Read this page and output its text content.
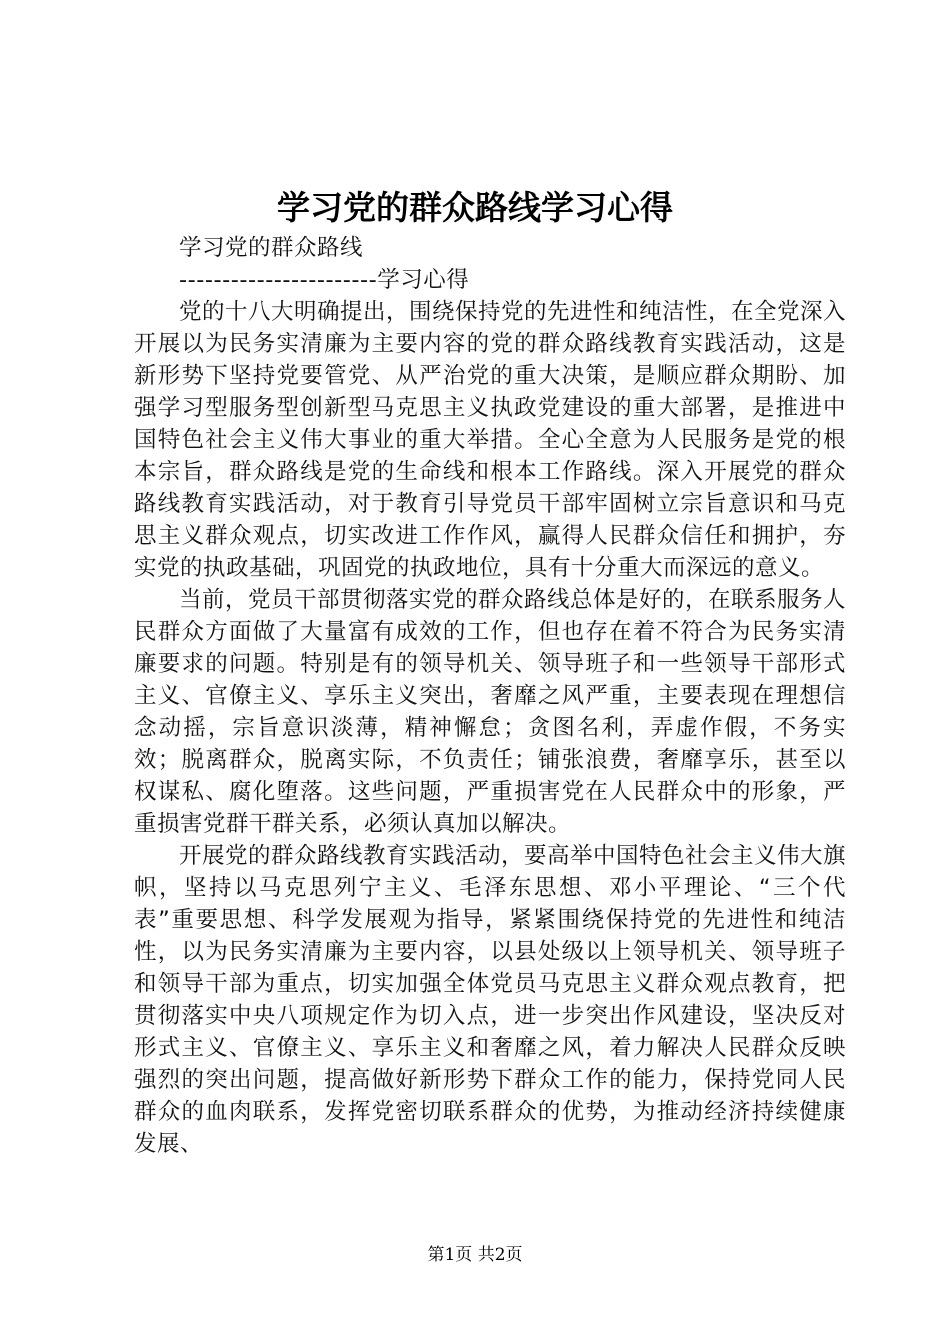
学习党的群众路线学习心得

学习党的群众路线

-----------------------学习心得

党的十八大明确提出，围绕保持党的先进性和纯洁性，在全党深入开展以为民务实清廉为主要内容的党的群众路线教育实践活动，这是新形势下坚持党要管党、从严治党的重大决策，是顺应群众期盼、加强学习型服务型创新型马克思主义执政党建设的重大部署，是推进中国特色社会主义伟大事业的重大举措。全心全意为人民服务是党的根本宗旨，群众路线是党的生命线和根本工作路线。深入开展党的群众路线教育实践活动，对于教育引导党员干部牢固树立宗旨意识和马克思主义群众观点，切实改进工作作风，赢得人民群众信任和拥护，夯实党的执政基础，巩固党的执政地位，具有十分重大而深远的意义。

当前，党员干部贯彻落实党的群众路线总体是好的，在联系服务人民群众方面做了大量富有成效的工作，但也存在着不符合为民务实清廉要求的问题。特别是有的领导机关、领导班子和一些领导干部形式主义、官僚主义、享乐主义突出，奢靡之风严重，主要表现在理想信念动摇，宗旨意识淡薄，精神懈怠；贪图名利，弄虚作假，不务实效；脱离群众，脱离实际，不负责任；铺张浪费，奢靡享乐，甚至以权谋私、腐化堕落。这些问题，严重损害党在人民群众中的形象，严重损害党群干群关系，必须认真加以解决。

开展党的群众路线教育实践活动，要高举中国特色社会主义伟大旗帜，坚持以马克思列宁主义、毛泽东思想、邓小平理论、“三个代表”重要思想、科学发展观为指导，紧紧围绕保持党的先进性和纯洁性，以为民务实清廉为主要内容，以县处级以上领导机关、领导班子和领导干部为重点，切实加强全体党员马克思主义群众观点教育，把贯彻落实中央八项规定作为切入点，进一步突出作风建设，坚决反对形式主义、官僚主义、享乐主义和奢靡之风，着力解决人民群众反映强烈的突出问题，提高做好新形势下群众工作的能力，保持党同人民群众的血肉联系，发挥党密切联系群众的优势，为推动经济持续健康发展、

第1页 共2页
